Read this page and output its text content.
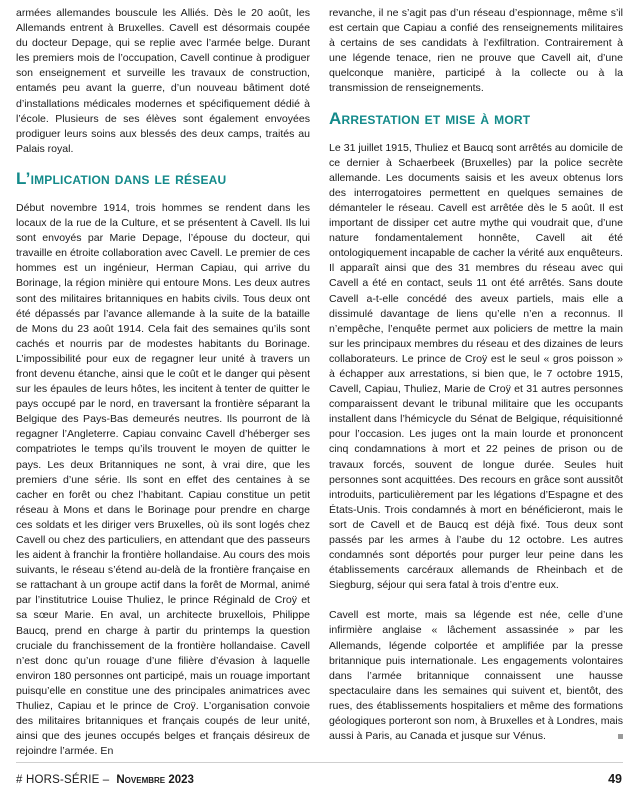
armées allemandes bouscule les Alliés. Dès le 20 août, les Allemands entrent à Bruxelles. Cavell est désormais coupée du docteur Depage, qui se replie avec l’armée belge. Durant les premiers mois de l’occupation, Cavell continue à prodiguer son enseignement et surveille les travaux de construction, entamés peu avant la guerre, d’un nouveau bâtiment doté d’installations médicales modernes et spécifiquement dédié à l’école. Plusieurs de ses élèves sont également envoyées prodiguer leurs soins aux blessés des deux camps, traités au Palais royal.

L’implication dans le réseau

Début novembre 1914, trois hommes se rendent dans les locaux de la rue de la Culture, et se présentent à Cavell. Ils lui sont envoyés par Marie Depage, l’épouse du docteur, qui travaille en étroite collaboration avec Cavell. Le premier de ces hommes est un ingénieur, Herman Capiau, qui arrive du Borinage, la région minière qui entoure Mons. Les deux autres sont des militaires britanniques en habits civils. Tous deux ont été dépassés par l’avance allemande à la suite de la bataille de Mons du 23 août 1914. Cela fait des semaines qu’ils sont cachés et nourris par de modestes habitants du Borinage. L’impossibilité pour eux de regagner leur unité à travers un front devenu étanche, ainsi que le coût et le danger qui pèsent sur les épaules de leurs hôtes, les incitent à tenter de quitter le pays occupé par le nord, en traversant la frontière séparant la Belgique des Pays-Bas demeurés neutres. Ils pourront de là regagner l’Angleterre. Capiau convainc Cavell d’héberger ses compatriotes le temps qu’ils trouvent le moyen de quitter le pays. Les deux Britanniques ne sont, à vrai dire, que les premiers d’une série. Ils sont en effet des centaines à se cacher en forêt ou chez l’habitant. Capiau constitue un petit réseau à Mons et dans le Borinage pour prendre en charge ces soldats et les diriger vers Bruxelles, où ils sont logés chez Cavell ou chez des particuliers, en attendant que des passeurs les aident à franchir la frontière hollandaise. Au cours des mois suivants, le réseau s’étend au-delà de la frontière française en se rattachant à un groupe actif dans la forêt de Mormal, animé par l’institutrice Louise Thuliez, le prince Réginald de Croÿ et sa sœur Marie. En aval, un architecte bruxellois, Philippe Baucq, prend en charge à partir du printemps la question cruciale du franchissement de la frontière hollandaise. Cavell n’est donc qu’un rouage d’une filière d’évasion à laquelle environ 180 personnes ont participé, mais un rouage important puisqu’elle en constitue une des principales animatrices avec Thuliez, Capiau et le prince de Croÿ. L’organisation convoie des militaires britanniques et français coupés de leur unité, ainsi que des jeunes occupés belges et français désireux de rejoindre l’armée. En

revanche, il ne s’agit pas d’un réseau d’espionnage, même s’il est certain que Capiau a confié des renseignements militaires à certains de ses candidats à l’exfiltration. Contrairement à une légende tenace, rien ne prouve que Cavell ait, d’une quelconque manière, participé à la collecte ou à la transmission de renseignements.

Arrestation et mise à mort

Le 31 juillet 1915, Thuliez et Baucq sont arrêtés au domicile de ce dernier à Schaerbeek (Bruxelles) par la police secrète allemande. Les documents saisis et les aveux obtenus lors des interrogatoires permettent en quelques semaines de démanteler le réseau. Cavell est arrêtée dès le 5 août. Il est important de dissiper cet autre mythe qui voudrait que, d’une nature fondamentalement honnête, Cavell ait été ontologiquement incapable de cacher la vérité aux enquêteurs. Il apparaît ainsi que des 31 membres du réseau avec qui Cavell a été en contact, seuls 11 ont été arrêtés. Sans doute Cavell a-t-elle concédé des aveux partiels, mais elle a dissimulé davantage de liens qu’elle n’en a reconnus. Il n’empêche, l’enquête permet aux policiers de mettre la main sur les principaux membres du réseau et des dizaines de leurs collaborateurs. Le prince de Croÿ est le seul « gros poisson » à échapper aux arrestations, si bien que, le 7 octobre 1915, Cavell, Capiau, Thuliez, Marie de Croÿ et 31 autres personnes comparaissent devant le tribunal militaire que les occupants installent dans l’hémicycle du Sénat de Belgique, réquisitionné pour l’occasion. Les juges ont la main lourde et prononcent cinq condamnations à mort et 22 peines de prison ou de travaux forcés, souvent de longue durée. Seules huit personnes sont acquittées. Des recours en grâce sont aussitôt introduits, particulièrement par les légations d’Espagne et des États-Unis. Trois condamnés à mort en bénéficieront, mais le sort de Cavell et de Baucq est déjà fixé. Tous deux sont passés par les armes à l’aube du 12 octobre. Les autres condamnés sont déportés pour purger leur peine dans les établissements carcéraux allemands de Rheinbach et de Siegburg, séjour qui sera fatal à trois d’entre eux.

Cavell est morte, mais sa légende est née, celle d’une infirmière anglaise « lâchement assassinée » par les Allemands, légende colportée et amplifiée par la presse britannique puis internationale. Les engagements volontaires dans l’armée britannique connaissent une hausse spectaculaire dans les semaines qui suivent et, bientôt, des rues, des établissements hospitaliers et même des formations géologiques porteront son nom, à Bruxelles et à Londres, mais aussi à Paris, au Canada et jusque sur Vénus.

# HORS-SÉRIE – Novembre 2023	49
